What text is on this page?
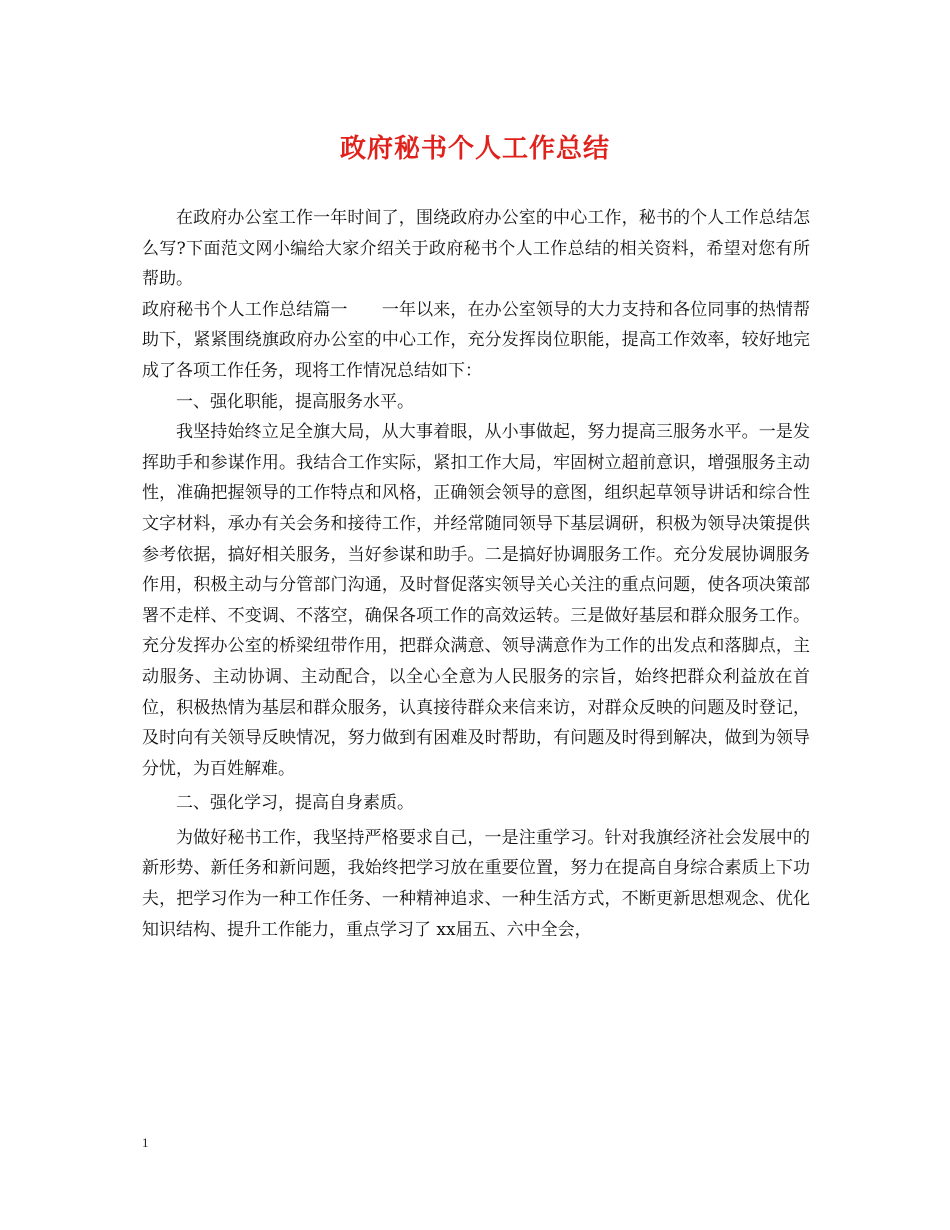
政府秘书个人工作总结

在政府办公室工作一年时间了，围绕政府办公室的中心工作，秘书的个人工作总结怎么写?下面范文网小编给大家介绍关于政府秘书个人工作总结的相关资料，希望对您有所帮助。

政府秘书个人工作总结篇一　　一年以来，在办公室领导的大力支持和各位同事的热情帮助下，紧紧围绕旗政府办公室的中心工作，充分发挥岗位职能，提高工作效率，较好地完成了各项工作任务，现将工作情况总结如下：

一、强化职能，提高服务水平。

我坚持始终立足全旗大局，从大事着眼，从小事做起，努力提高三服务水平。一是发挥助手和参谋作用。我结合工作实际，紧扣工作大局，牢固树立超前意识，增强服务主动性，准确把握领导的工作特点和风格，正确领会领导的意图，组织起草领导讲话和综合性文字材料，承办有关会务和接待工作，并经常随同领导下基层调研，积极为领导决策提供参考依据，搞好相关服务，当好参谋和助手。二是搞好协调服务工作。充分发展协调服务作用，积极主动与分管部门沟通，及时督促落实领导关心关注的重点问题，使各项决策部署不走样、不变调、不落空，确保各项工作的高效运转。三是做好基层和群众服务工作。充分发挥办公室的桥梁纽带作用，把群众满意、领导满意作为工作的出发点和落脚点，主动服务、主动协调、主动配合，以全心全意为人民服务的宗旨，始终把群众利益放在首位，积极热情为基层和群众服务，认真接待群众来信来访，对群众反映的问题及时登记，及时向有关领导反映情况，努力做到有困难及时帮助，有问题及时得到解决，做到为领导分忧，为百姓解难。

二、强化学习，提高自身素质。

为做好秘书工作，我坚持严格要求自己，一是注重学习。针对我旗经济社会发展中的新形势、新任务和新问题，我始终把学习放在重要位置，努力在提高自身综合素质上下功夫，把学习作为一种工作任务、一种精神追求、一种生活方式，不断更新思想观念、优化知识结构、提升工作能力，重点学习了 xx届五、六中全会，

1
